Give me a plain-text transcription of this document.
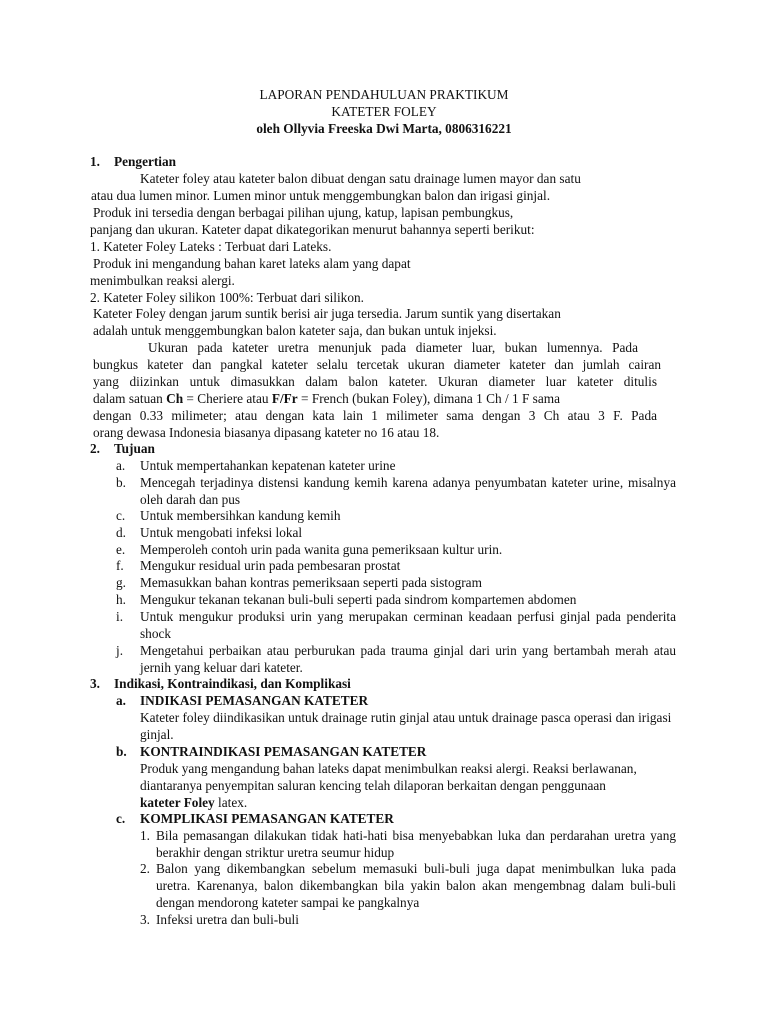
LAPORAN PENDAHULUAN PRAKTIKUM
KATETER FOLEY
oleh Ollyvia Freeska Dwi Marta, 0806316221
1. Pengertian
Kateter foley atau kateter balon dibuat dengan satu drainage lumen mayor dan satu
atau dua lumen minor. Lumen minor untuk menggembungkan balon dan irigasi ginjal.
Produk ini tersedia dengan berbagai pilihan ujung, katup, lapisan pembungkus,
panjang dan ukuran. Kateter dapat dikategorikan menurut bahannya seperti berikut:
1. Kateter Foley Lateks : Terbuat dari Lateks.
Produk ini mengandung bahan karet lateks alam yang dapat
menimbulkan reaksi alergi.
2. Kateter Foley silikon 100%: Terbuat dari silikon.
Kateter Foley dengan jarum suntik berisi air juga tersedia. Jarum suntik yang disertakan
adalah untuk menggembungkan balon kateter saja, dan bukan untuk injeksi.
Ukuran pada kateter uretra menunjuk pada diameter luar, bukan lumennya. Pada
bungkus kateter dan pangkal kateter selalu tercetak ukuran diameter kateter dan jumlah cairan
yang diizinkan untuk dimasukkan dalam balon kateter. Ukuran diameter luar kateter ditulis
dalam satuan Ch = Cheriere atau F/Fr = French (bukan Foley), dimana 1 Ch / 1 F sama
dengan 0.33 milimeter; atau dengan kata lain 1 milimeter sama dengan 3 Ch atau 3 F. Pada
orang dewasa Indonesia biasanya dipasang kateter no 16 atau 18.
2. Tujuan
a. Untuk mempertahankan kepatenan kateter urine
b. Mencegah terjadinya distensi kandung kemih karena adanya penyumbatan kateter urine, misalnya oleh darah dan pus
c. Untuk membersihkan kandung kemih
d. Untuk mengobati infeksi lokal
e. Memperoleh contoh urin pada wanita guna pemeriksaan kultur urin.
f. Mengukur residual urin pada pembesaran prostat
g. Memasukkan bahan kontras pemeriksaan seperti pada sistogram
h. Mengukur tekanan tekanan buli-buli seperti pada sindrom kompartemen abdomen
i. Untuk mengukur produksi urin yang merupakan cerminan keadaan perfusi ginjal pada penderita shock
j. Mengetahui perbaikan atau perburukan pada trauma ginjal dari urin yang bertambah merah atau jernih yang keluar dari kateter.
3. Indikasi, Kontraindikasi, dan Komplikasi
a. INDIKASI PEMASANGAN KATETER
Kateter foley diindikasikan untuk drainage rutin ginjal atau untuk drainage pasca operasi dan irigasi ginjal.
b. KONTRAINDIKASI PEMASANGAN KATETER
Produk yang mengandung bahan lateks dapat menimbulkan reaksi alergi. Reaksi berlawanan, diantaranya penyempitan saluran kencing telah dilaporan berkaitan dengan penggunaan kateter Foley latex.
c. KOMPLIKASI PEMASANGAN KATETER
1. Bila pemasangan dilakukan tidak hati-hati bisa menyebabkan luka dan perdarahan uretra yang berakhir dengan striktur uretra seumur hidup
2. Balon yang dikembangkan sebelum memasuki buli-buli juga dapat menimbulkan luka pada uretra. Karenanya, balon dikembangkan bila yakin balon akan mengembnag dalam buli-buli dengan mendorong kateter sampai ke pangkalnya
3. Infeksi uretra dan buli-buli
